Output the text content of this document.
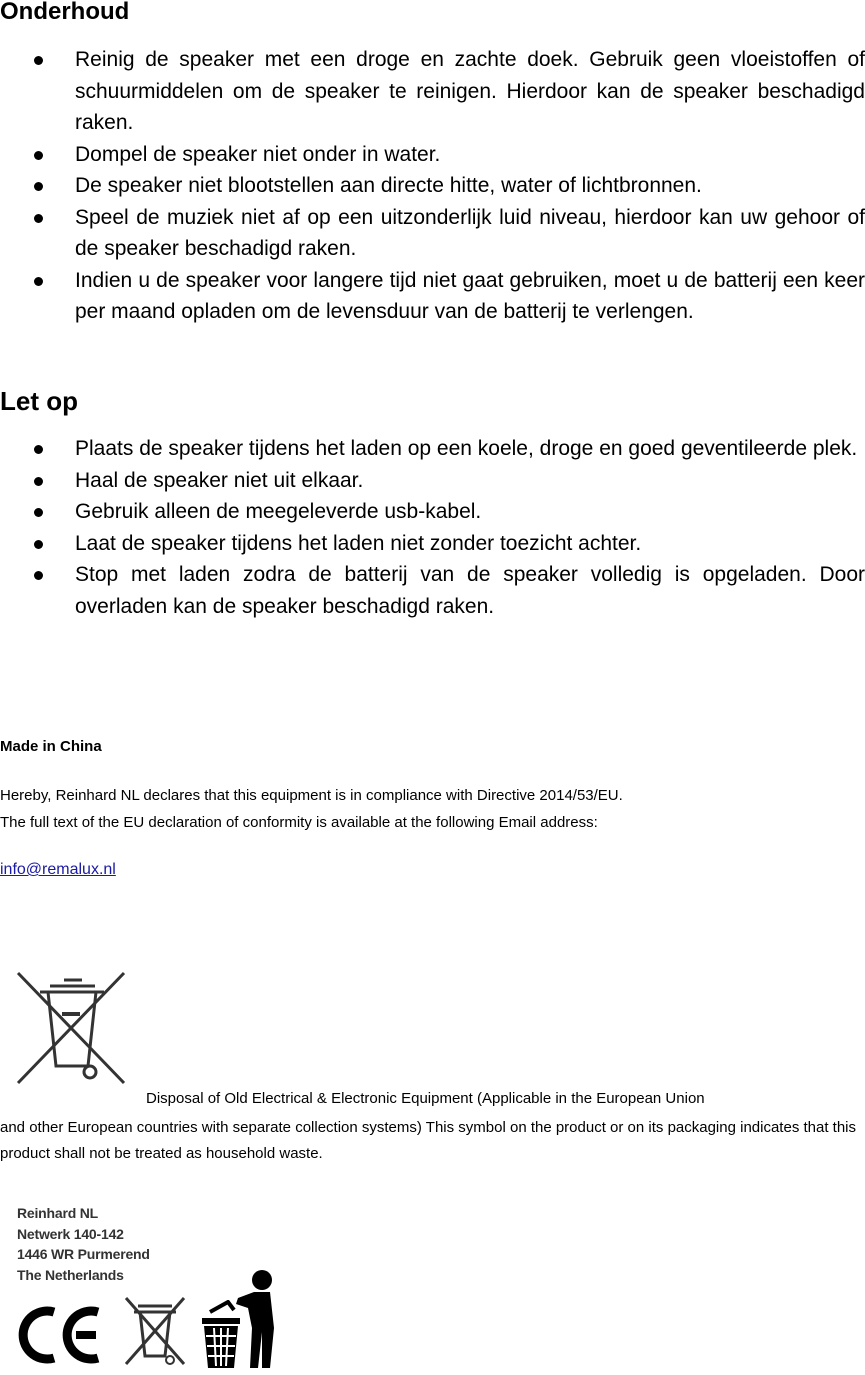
Onderhoud
Reinig de speaker met een droge en zachte doek. Gebruik geen vloeistoffen of schuurmiddelen om de speaker te reinigen. Hierdoor kan de speaker beschadigd raken.
Dompel de speaker niet onder in water.
De speaker niet blootstellen aan directe hitte, water of lichtbronnen.
Speel de muziek niet af op een uitzonderlijk luid niveau, hierdoor kan uw gehoor of de speaker beschadigd raken.
Indien u de speaker voor langere tijd niet gaat gebruiken, moet u de batterij een keer per maand opladen om de levensduur van de batterij te verlengen.
Let op
Plaats de speaker tijdens het laden op een koele, droge en goed geventileerde plek.
Haal de speaker niet uit elkaar.
Gebruik alleen de meegeleverde usb-kabel.
Laat de speaker tijdens het laden niet zonder toezicht achter.
Stop met laden zodra de batterij van de speaker volledig is opgeladen. Door overladen kan de speaker beschadigd raken.
Made in China
Hereby, Reinhard NL declares that this equipment is in compliance with Directive 2014/53/EU.
The full text of the EU declaration of conformity is available at the following Email address:
info@remalux.nl
Disposal of Old Electrical & Electronic Equipment (Applicable in the European Union
and other European countries with separate collection systems) This symbol on the product or on its packaging indicates that this product shall not be treated as household waste.
Reinhard NL
Netwerk 140-142
1446 WR Purmerend
The Netherlands
